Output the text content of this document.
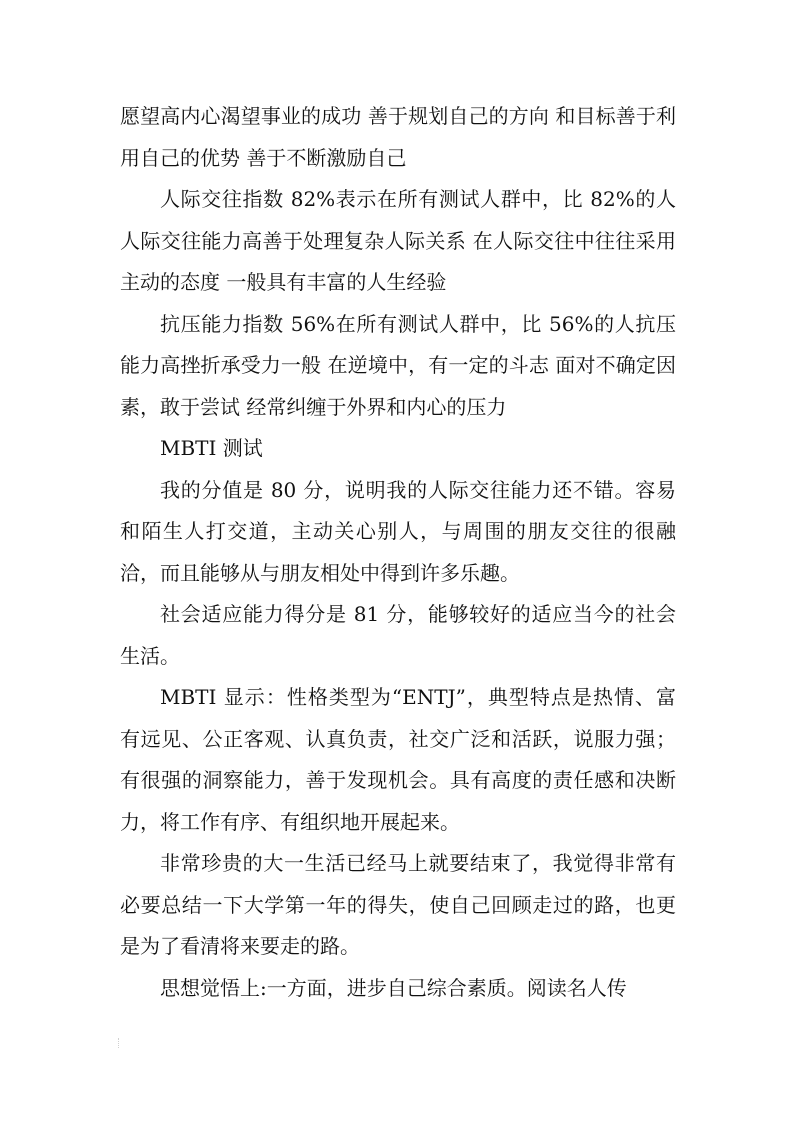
愿望高内心渴望事业的成功 善于规划自己的方向 和目标善于利用自己的优势 善于不断激励自己

人际交往指数 82%表示在所有测试人群中，比 82%的人人际交往能力高善于处理复杂人际关系 在人际交往中往往采用主动的态度 一般具有丰富的人生经验

抗压能力指数 56%在所有测试人群中，比 56%的人抗压能力高挫折承受力一般 在逆境中，有一定的斗志 面对不确定因素，敢于尝试 经常纠缠于外界和内心的压力

MBTI 测试

我的分值是 80 分，说明我的人际交往能力还不错。容易和陌生人打交道，主动关心别人，与周围的朋友交往的很融洽，而且能够从与朋友相处中得到许多乐趣。

社会适应能力得分是 81 分，能够较好的适应当今的社会生活。

MBTI 显示：性格类型为“ENTJ”，典型特点是热情、富有远见、公正客观、认真负责，社交广泛和活跃，说服力强；有很强的洞察能力，善于发现机会。具有高度的责任感和决断力，将工作有序、有组织地开展起来。

非常珍贵的大一生活已经马上就要结束了，我觉得非常有必要总结一下大学第一年的得失，使自己回顾走过的路，也更是为了看清将来要走的路。

思想觉悟上:一方面，进步自己综合素质。阅读名人传
